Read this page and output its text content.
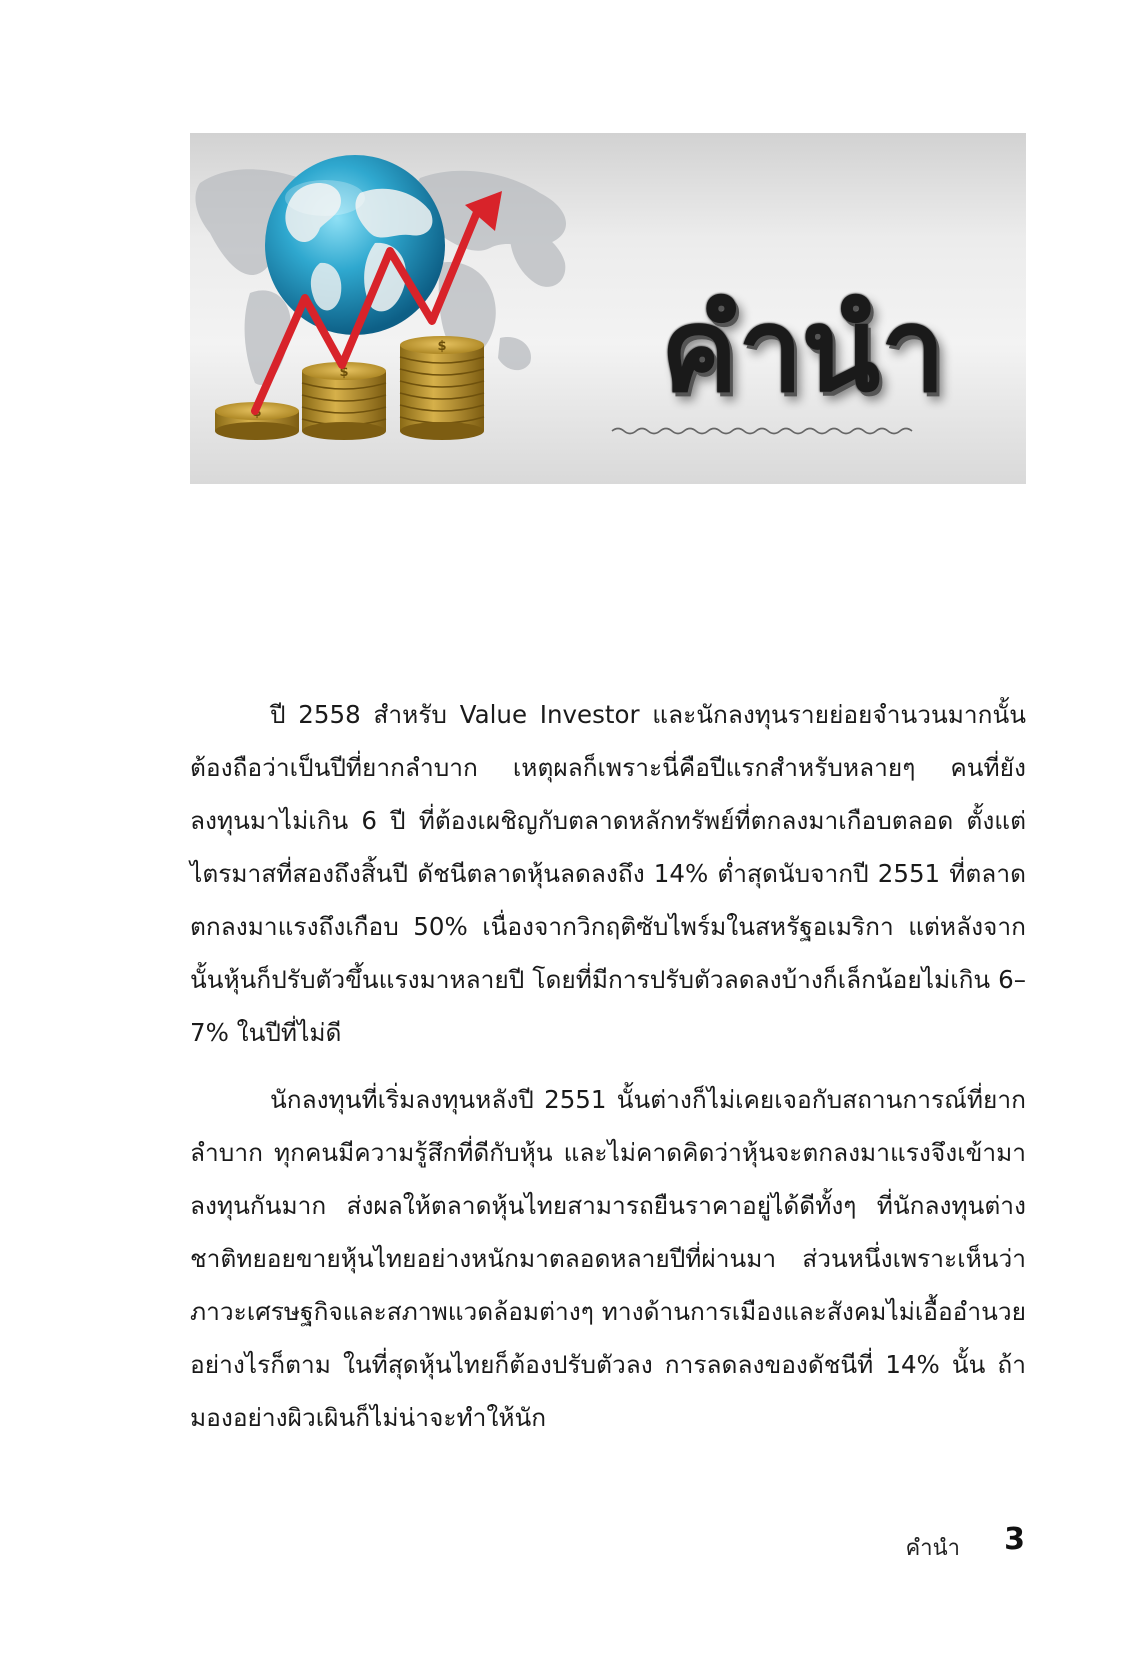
$
$
$ คำนำ

ปี 2558 สำหรับ Value Investor และนักลงทุนรายย่อยจำนวนมากนั้น ต้องถือว่าเป็นปีที่ยากลำบาก เหตุผลก็เพราะนี่คือปีแรกสำหรับหลายๆ คนที่ยังลงทุนมาไม่เกิน 6 ปี ที่ต้องเผชิญกับตลาดหลักทรัพย์ที่ตกลงมาเกือบตลอด ตั้งแต่ไตรมาสที่สองถึงสิ้นปี ดัชนีตลาดหุ้นลดลงถึง 14% ต่ำสุดนับจากปี 2551 ที่ตลาดตกลงมาแรงถึงเกือบ 50% เนื่องจากวิกฤติซับไพร์มในสหรัฐอเมริกา แต่หลังจากนั้นหุ้นก็ปรับตัวขึ้นแรงมาหลายปี โดยที่มีการปรับตัวลดลงบ้างก็เล็กน้อยไม่เกิน 6–7% ในปีที่ไม่ดี

นักลงทุนที่เริ่มลงทุนหลังปี 2551 นั้นต่างก็ไม่เคยเจอกับสถานการณ์ที่ยากลำบาก ทุกคนมีความรู้สึกที่ดีกับหุ้น และไม่คาดคิดว่าหุ้นจะตกลงมาแรงจึงเข้ามาลงทุนกันมาก ส่งผลให้ตลาดหุ้นไทยสามารถยืนราคาอยู่ได้ดีทั้งๆ ที่นักลงทุนต่างชาติทยอยขายหุ้นไทยอย่างหนักมาตลอดหลายปีที่ผ่านมา ส่วนหนึ่งเพราะเห็นว่าภาวะเศรษฐกิจและสภาพแวดล้อมต่างๆ ทางด้านการเมืองและสังคมไม่เอื้ออำนวย อย่างไรก็ตาม ในที่สุดหุ้นไทยก็ต้องปรับตัวลง การลดลงของดัชนีที่ 14% นั้น ถ้ามองอย่างผิวเผินก็ไม่น่าจะทำให้นัก

คำนำ	3
